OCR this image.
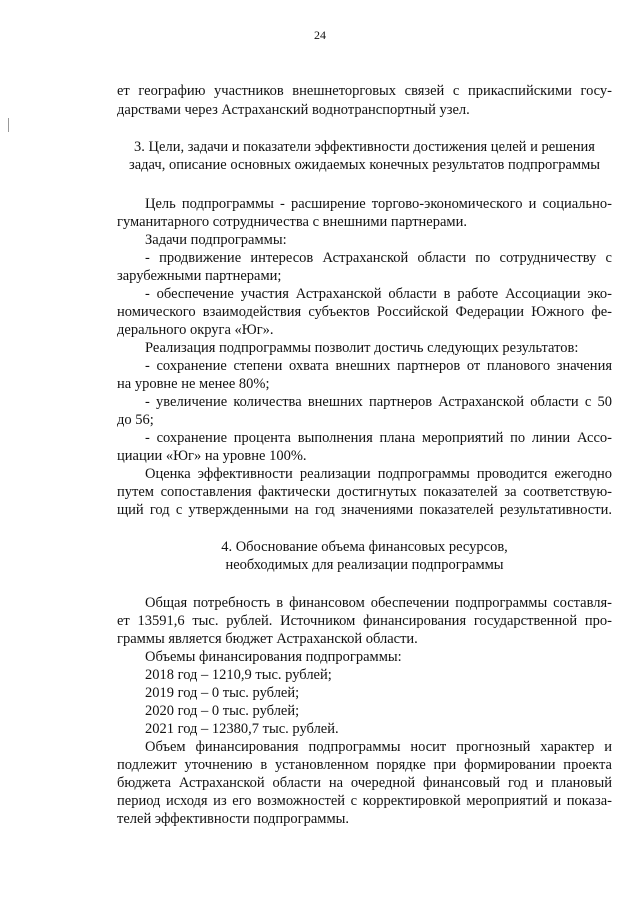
24
ет географию участников внешнеторговых связей с прикаспийскими госу-
дарствами через Астраханский воднотранспортный узел.
3. Цели, задачи и показатели эффективности достижения целей и решения
задач, описание основных ожидаемых конечных результатов подпрограммы
Цель подпрограммы - расширение торгово-экономического и социально-
гуманитарного сотрудничества с внешними партнерами.
Задачи подпрограммы:
- продвижение интересов Астраханской области по сотрудничеству с
зарубежными партнерами;
- обеспечение участия Астраханской области в работе Ассоциации эко-
номического взаимодействия субъектов Российской Федерации Южного фе-
дерального округа «Юг».
Реализация подпрограммы позволит достичь следующих результатов:
- сохранение степени охвата внешних партнеров от планового значения
на уровне не менее 80%;
- увеличение количества внешних партнеров Астраханской области с 50
до 56;
- сохранение процента выполнения плана мероприятий по линии Ассо-
циации «Юг» на уровне 100%.
Оценка эффективности реализации подпрограммы проводится ежегодно
путем сопоставления фактически достигнутых показателей за соответствую-
щий год с утвержденными на год значениями показателей результативности.
4. Обоснование объема финансовых ресурсов,
необходимых для реализации подпрограммы
Общая потребность в финансовом обеспечении подпрограммы составля-
ет 13591,6 тыс. рублей. Источником финансирования государственной про-
граммы является бюджет Астраханской области.
Объемы финансирования подпрограммы:
2018 год – 1210,9 тыс. рублей;
2019 год – 0 тыс. рублей;
2020 год – 0 тыс. рублей;
2021 год – 12380,7 тыс. рублей.
Объем финансирования подпрограммы носит прогнозный характер и
подлежит уточнению в установленном порядке при формировании проекта
бюджета Астраханской области на очередной финансовый год и плановый
период исходя из его возможностей с корректировкой мероприятий и показа-
телей эффективности подпрограммы.
